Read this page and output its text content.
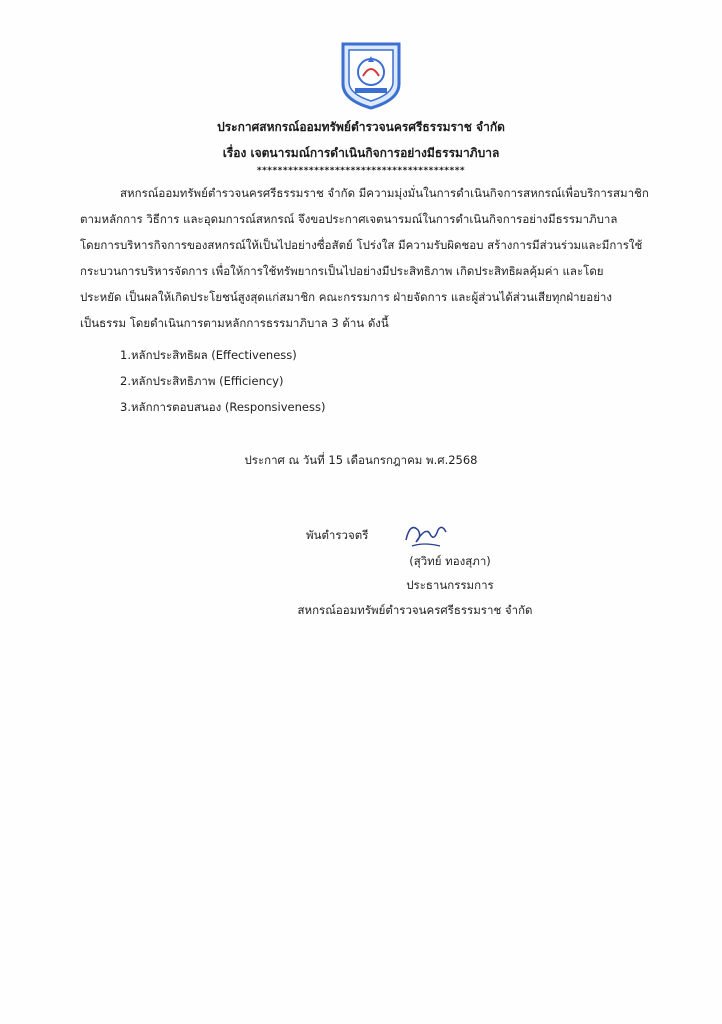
ประกาศสหกรณ์ออมทรัพย์ตำรวจนครศรีธรรมราช จำกัด
เรื่อง เจตนารมณ์การดำเนินกิจการอย่างมีธรรมาภิบาล
****************************************
สหกรณ์ออมทรัพย์ตำรวจนครศรีธรรมราช จำกัด มีความมุ่งมั่นในการดำเนินกิจการสหกรณ์เพื่อบริการสมาชิก
ตามหลักการ วิธีการ และอุดมการณ์สหกรณ์ จึงขอประกาศเจตนารมณ์ในการดำเนินกิจการอย่างมีธรรมาภิบาล
โดยการบริหารกิจการของสหกรณ์ให้เป็นไปอย่างซื่อสัตย์ โปร่งใส มีความรับผิดชอบ สร้างการมีส่วนร่วมและมีการใช้
กระบวนการบริหารจัดการ เพื่อให้การใช้ทรัพยากรเป็นไปอย่างมีประสิทธิภาพ เกิดประสิทธิผลคุ้มค่า และโดย
ประหยัด เป็นผลให้เกิดประโยชน์สูงสุดแก่สมาชิก คณะกรรมการ ฝ่ายจัดการ และผู้ส่วนได้ส่วนเสียทุกฝ่ายอย่าง
เป็นธรรม โดยดำเนินการตามหลักการธรรมาภิบาล 3 ด้าน ดังนี้
1.หลักประสิทธิผล (Effectiveness)
2.หลักประสิทธิภาพ (Efficiency)
3.หลักการตอบสนอง (Responsiveness)
ประกาศ ณ วันที่ 15 เดือนกรกฎาคม พ.ศ.2568
พันตำรวจตรี
(สุวิทย์ ทองสุภา)
ประธานกรรมการ
สหกรณ์ออมทรัพย์ตำรวจนครศรีธรรมราช จำกัด
